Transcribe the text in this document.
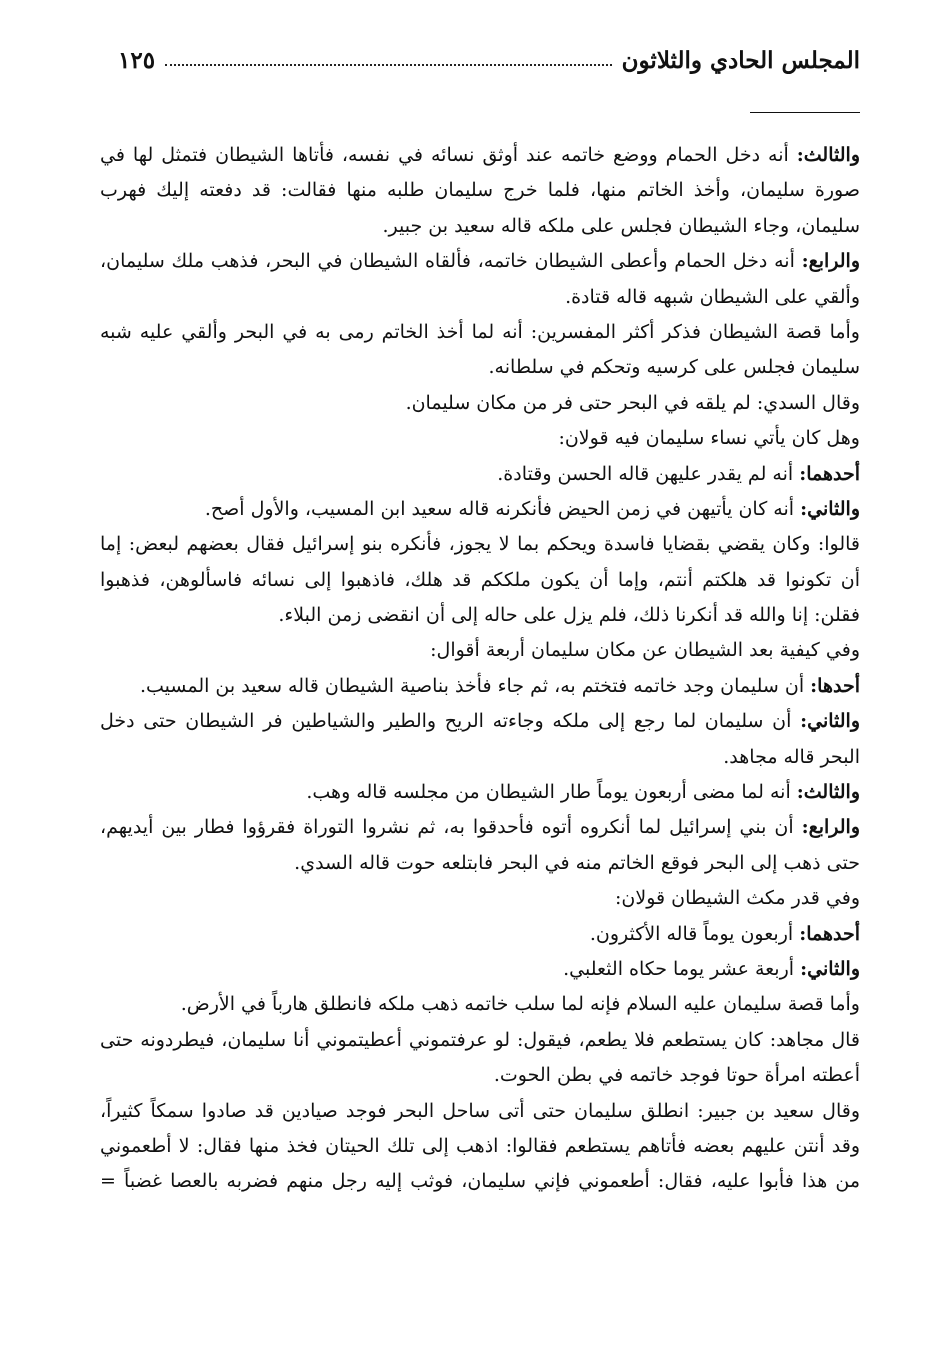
المجلس الحادي والثلاثون
١٢٥
والثالث: أنه دخل الحمام ووضع خاتمه عند أوثق نسائه في نفسه، فأتاها الشيطان فتمثل لها في
صورة سليمان، وأخذ الخاتم منها، فلما خرج سليمان طلبه منها فقالت: قد دفعته إليك فهرب
سليمان، وجاء الشيطان فجلس على ملكه قاله سعيد بن جبير.
والرابع: أنه دخل الحمام وأعطى الشيطان خاتمه، فألقاه الشيطان في البحر، فذهب ملك سليمان،
وألقي على الشيطان شبهه قاله قتادة.
وأما قصة الشيطان فذكر أكثر المفسرين: أنه لما أخذ الخاتم رمى به في البحر وألقي عليه شبه
سليمان فجلس على كرسيه وتحكم في سلطانه.
وقال السدي: لم يلقه في البحر حتى فر من مكان سليمان.
وهل كان يأتي نساء سليمان فيه قولان:
أحدهما: أنه لم يقدر عليهن قاله الحسن وقتادة.
والثاني: أنه كان يأتيهن في زمن الحيض فأنكرنه قاله سعيد ابن المسيب، والأول أصح.
قالوا: وكان يقضي بقضايا فاسدة ويحكم بما لا يجوز، فأنكره بنو إسرائيل فقال بعضهم لبعض: إما
أن تكونوا قد هلكتم أنتم، وإما أن يكون ملككم قد هلك، فاذهبوا إلى نسائه فاسألوهن، فذهبوا
فقلن: إنا والله قد أنكرنا ذلك، فلم يزل على حاله إلى أن انقضى زمن البلاء.
وفي كيفية بعد الشيطان عن مكان سليمان أربعة أقوال:
أحدها: أن سليمان وجد خاتمه فتختم به، ثم جاء فأخذ بناصية الشيطان قاله سعيد بن المسيب.
والثاني: أن سليمان لما رجع إلى ملكه وجاءته الريح والطير والشياطين فر الشيطان حتى دخل
البحر قاله مجاهد.
والثالث: أنه لما مضى أربعون يوماً طار الشيطان من مجلسه قاله وهب.
والرابع: أن بني إسرائيل لما أنكروه أتوه فأحدقوا به، ثم نشروا التوراة فقرؤوا فطار بين أيديهم،
حتى ذهب إلى البحر فوقع الخاتم منه في البحر فابتلعه حوت قاله السدي.
وفي قدر مكث الشيطان قولان:
أحدهما: أربعون يوماً قاله الأكثرون.
والثاني: أربعة عشر يوما حكاه الثعلبي.
وأما قصة سليمان عليه السلام فإنه لما سلب خاتمه ذهب ملكه فانطلق هارباً في الأرض.
قال مجاهد: كان يستطعم فلا يطعم، فيقول: لو عرفتموني أعطيتموني أنا سليمان، فيطردونه حتى
أعطته امرأة حوتا فوجد خاتمه في بطن الحوت.
وقال سعيد بن جبير: انطلق سليمان حتى أتى ساحل البحر فوجد صيادين قد صادوا سمكاً كثيراً،
وقد أنتن عليهم بعضه فأتاهم يستطعم فقالوا: اذهب إلى تلك الحيتان فخذ منها فقال: لا أطعموني
من هذا فأبوا عليه، فقال: أطعموني فإني سليمان، فوثب إليه رجل منهم فضربه بالعصا غضباً =
